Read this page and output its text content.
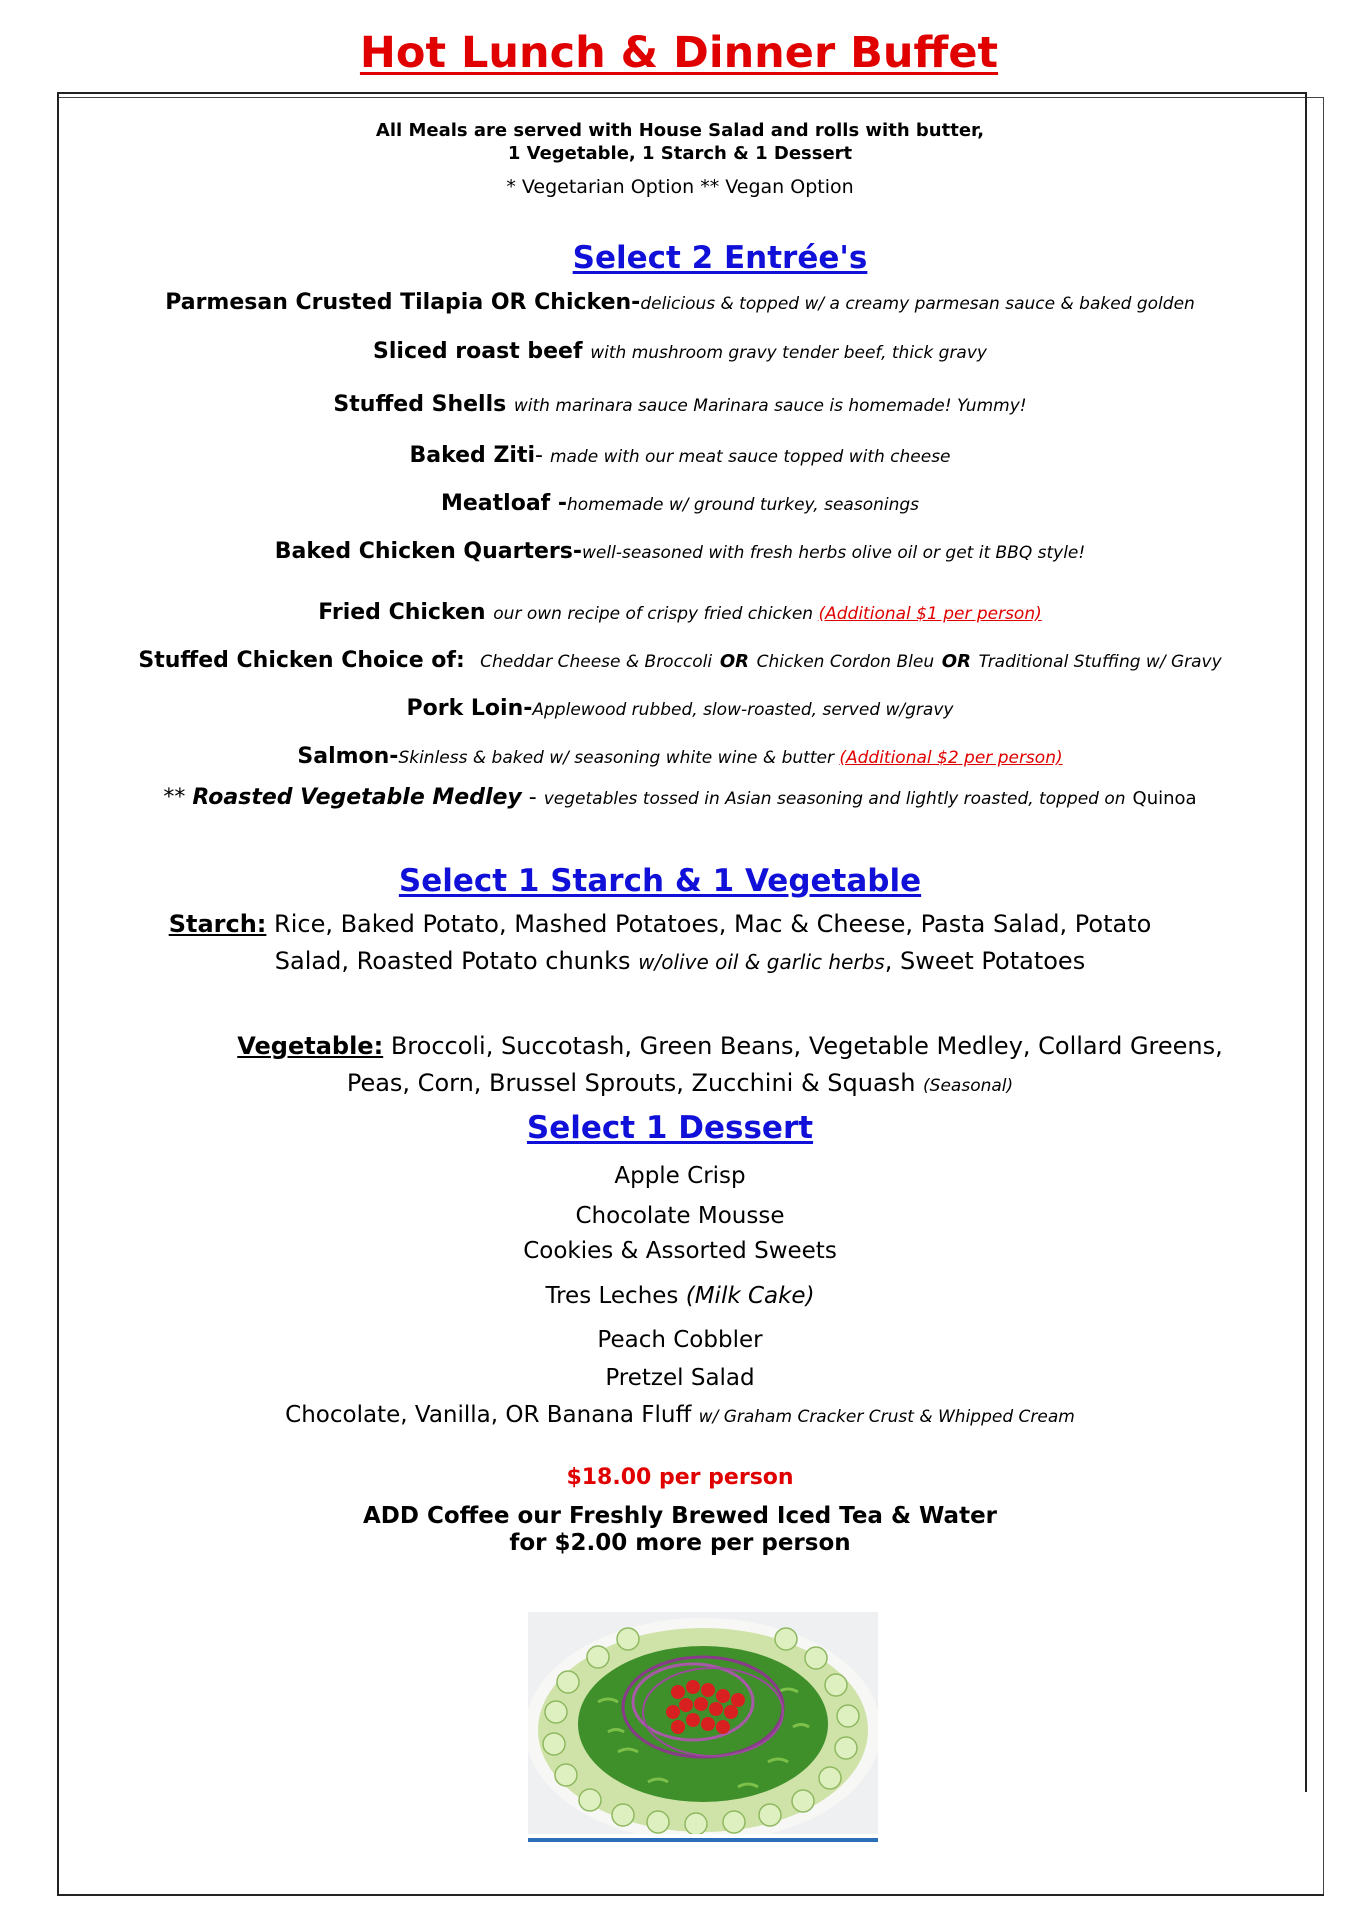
Hot Lunch & Dinner Buffet
All Meals are served with House Salad and rolls with butter,
1 Vegetable, 1 Starch & 1 Dessert
* Vegetarian Option ** Vegan Option
Select 2 Entrée's
Parmesan Crusted Tilapia OR Chicken-delicious & topped w/ a creamy parmesan sauce & baked golden
Sliced roast beef with mushroom gravy tender beef, thick gravy
Stuffed Shells with marinara sauce Marinara sauce is homemade! Yummy!
Baked Ziti- made with our meat sauce topped with cheese
Meatloaf -homemade w/ ground turkey, seasonings
Baked Chicken Quarters-well-seasoned with fresh herbs olive oil or get it BBQ style!
Fried Chicken our own recipe of crispy fried chicken (Additional $1 per person)
Stuffed Chicken Choice of: Cheddar Cheese & Broccoli OR Chicken Cordon Bleu OR Traditional Stuffing w/ Gravy
Pork Loin-Applewood rubbed, slow-roasted, served w/gravy
Salmon-Skinless & baked w/ seasoning white wine & butter (Additional $2 per person)
** Roasted Vegetable Medley - vegetables tossed in Asian seasoning and lightly roasted, topped on Quinoa
Select 1 Starch & 1 Vegetable
Starch: Rice, Baked Potato, Mashed Potatoes, Mac & Cheese, Pasta Salad, Potato
Salad, Roasted Potato chunks w/olive oil & garlic herbs, Sweet Potatoes
Vegetable: Broccoli, Succotash, Green Beans, Vegetable Medley, Collard Greens,
Peas, Corn, Brussel Sprouts, Zucchini & Squash (Seasonal)
Select 1 Dessert
Apple Crisp
Chocolate Mousse
Cookies & Assorted Sweets
Tres Leches (Milk Cake)
Peach Cobbler
Pretzel Salad
Chocolate, Vanilla, OR Banana Fluff w/ Graham Cracker Crust & Whipped Cream
$18.00 per person
ADD Coffee our Freshly Brewed Iced Tea & Water
for $2.00 more per person
